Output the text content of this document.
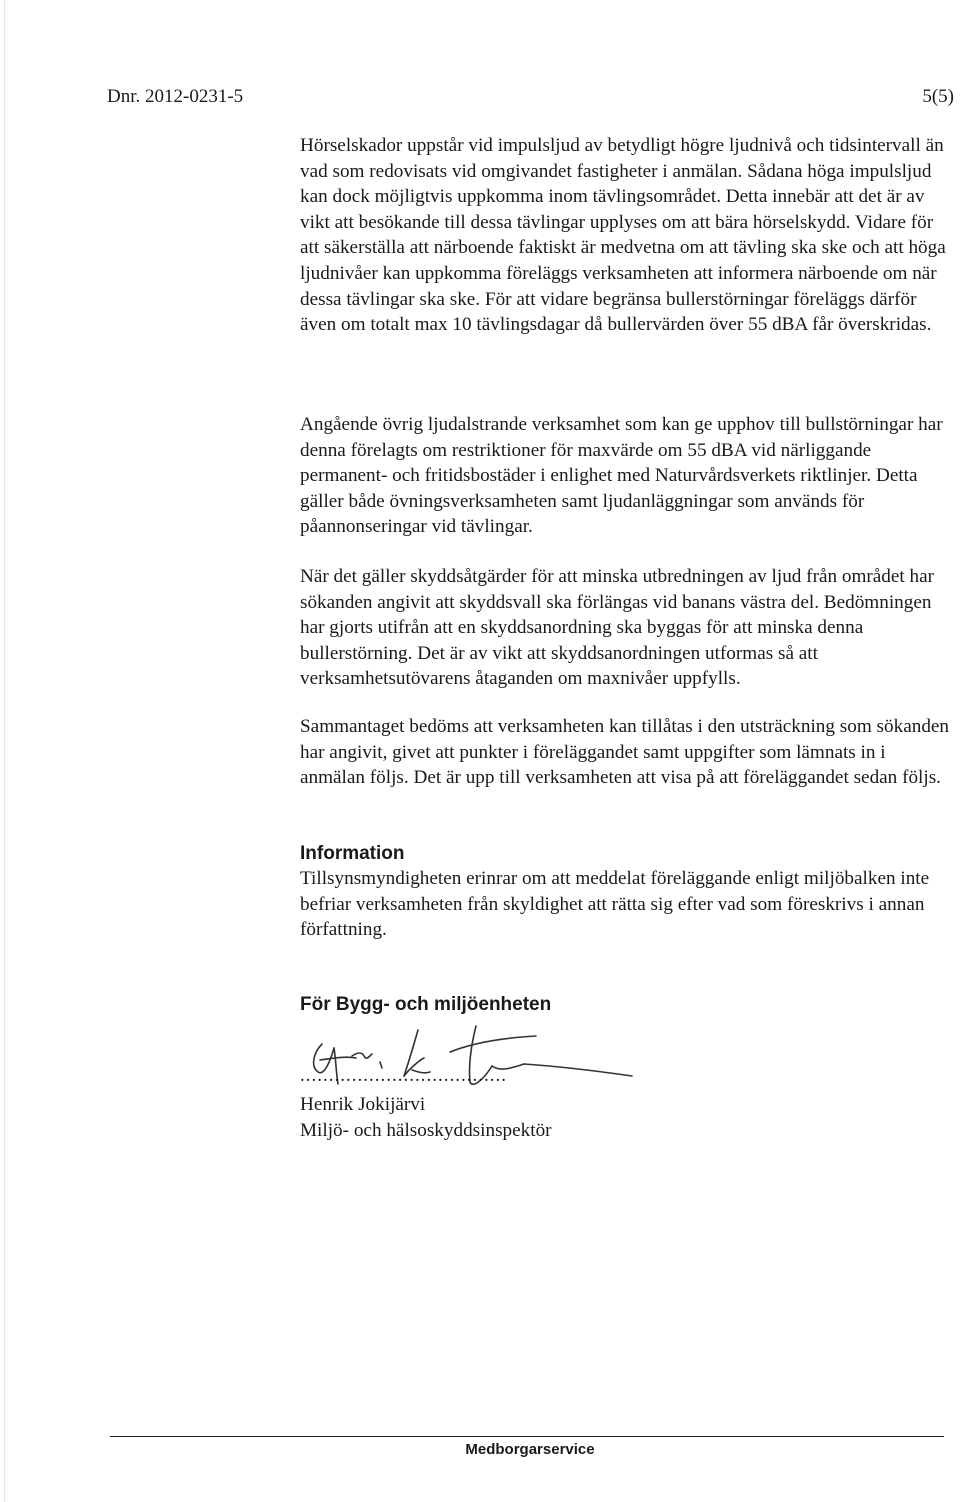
Dnr. 2012-0231-5	5(5)
Hörselskador uppstår vid impulsljud av betydligt högre ljudnivå och tidsintervall än vad som redovisats vid omgivandet fastigheter i anmälan. Sådana höga impulsljud kan dock möjligtvis uppkomma inom tävlingsområdet. Detta innebär att det är av vikt att besökande till dessa tävlingar upplyses om att bära hörselskydd. Vidare för att säkerställa att närboende faktiskt är medvetna om att tävling ska ske och att höga ljudnivåer kan uppkomma föreläggs verksamheten att informera närboende om när dessa tävlingar ska ske. För att vidare begränsa bullerstörningar föreläggs därför även om totalt max 10 tävlingsdagar då bullervärden över 55 dBA får överskridas.
Angående övrig ljudalstrande verksamhet som kan ge upphov till bullstörningar har denna förelagts om restriktioner för maxvärde om 55 dBA vid närliggande permanent- och fritidsbostäder i enlighet med Naturvårdsverkets riktlinjer. Detta gäller både övningsverksamheten samt ljudanläggningar som används för påannonseringar vid tävlingar.
När det gäller skyddsåtgärder för att minska utbredningen av ljud från området har sökanden angivit att skyddsvall ska förlängas vid banans västra del. Bedömningen har gjorts utifrån att en skyddsanordning ska byggas för att minska denna bullerstörning. Det är av vikt att skyddsanordningen utformas så att verksamhetsutövarens åtaganden om maxnivåer uppfylls.
Sammantaget bedöms att verksamheten kan tillåtas i den utsträckning som sökanden har angivit, givet att punkter i föreläggandet samt uppgifter som lämnats in i anmälan följs. Det är upp till verksamheten att visa på att föreläggandet sedan följs.
Information
Tillsynsmyndigheten erinrar om att meddelat föreläggande enligt miljöbalken inte befriar verksamheten från skyldighet att rätta sig efter vad som föreskrivs i annan författning.
För Bygg- och miljöenheten
....................................
Henrik Jokijärvi
Miljö- och hälsoskyddsinspektör
Medborgarservice
